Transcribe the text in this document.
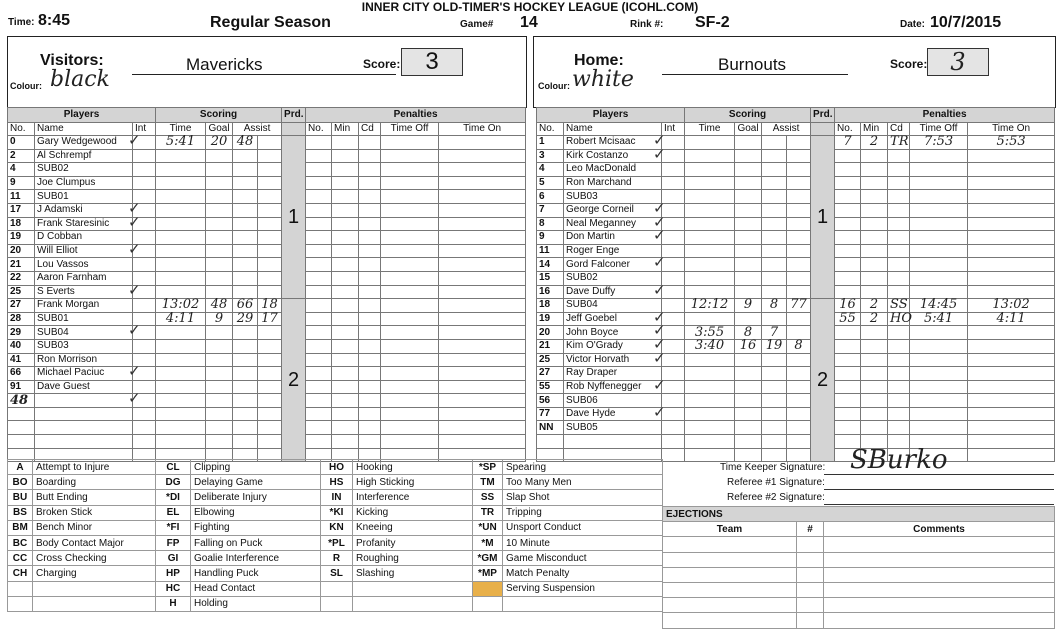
INNER CITY OLD-TIMER'S HOCKEY LEAGUE (ICOHL.COM)
Time: 8:45	Regular Season	Game# 14	Rink #: SF-2	Date: 10/7/2015
Visitors:	Mavericks
Colour: black
Score:	3	Home:	Burnouts
Colour: white
Score: 3
Players			Scoring				Prd.	Penalties				
No.	Name	Int	Time	Goal	Assist			No.	Min	Cd	Time Off	Time On
0	Gary Wedgewood		5:41	20	48		1					
2	Al Schrempf											
4	SUB02											
9	Joe Clumpus											
11	SUB01											
17	J Adamski											
18	Frank Staresinic											
19	D Cobban											
20	Will Elliot											
21	Lou Vassos											
22	Aaron Farnham											
25	S Everts											
27	Frank Morgan		13:02	48	66	18	2					
28	SUB01		4:11	9	29	17						
29	SUB04											
40	SUB03											
41	Ron Morrison											
66	Michael Paciuc											
91	Dave Guest											
48												

Players			Scoring				Prd.	Penalties				
No.	Name	Int	Time	Goal	Assist			No.	Min	Cd	Time Off	Time On
1	Robert Mcisaac						1	7	2	TR	7:53	5:53
3	Kirk Costanzo											
4	Leo MacDonald											
5	Ron Marchand											
6	SUB03											
7	George Corneil											
8	Neal Meganney											
9	Don Martin											
11	Roger Enge											
14	Gord Falconer											
15	SUB02											
16	Dave Duffy											
18	SUB04		12:12	9	8	77	2	16	2	SS	14:45	13:02
19	Jeff Goebel							55	2	HO	5:41	4:11
20	John Boyce		3:55	8	7							
21	Kim O'Grady		3:40	16	19	8						
25	Victor Horvath											
27	Ray Draper											
55	Rob Nyffenegger											
56	SUB06											
77	Dave Hyde											
NN	SUB05											

A	Attempt to Injure	CL	Clipping	HO	Hooking	*SP	Spearing
BO	Boarding	DG	Delaying Game	HS	High Sticking	TM	Too Many Men
BU	Butt Ending	*DI	Deliberate Injury	IN	Interference	SS	Slap Shot
BS	Broken Stick	EL	Elbowing	*KI	Kicking	TR	Tripping
BM	Bench Minor	*FI	Fighting	KN	Kneeing	*UN	Unsport Conduct
BC	Body Contact Major	FP	Falling on Puck	*PL	Profanity	*M	10 Minute
CC	Cross Checking	GI	Goalie Interference	R	Roughing	*GM	Game Misconduct
CH	Charging	HP	Handling Puck	SL	Slashing	*MP	Match Penalty
		HC	Head Contact				Serving Suspension
		H	Holding				
Time Keeper Signature: SBurko
Referee #1 Signature:
Referee #2 Signature:
EJECTIONS		
Team	#	Comments

✓
✓
✓
✓
✓
✓
✓
✓
✓
✓
✓
✓
✓
✓
✓
✓
✓
✓
✓
✓
✓
